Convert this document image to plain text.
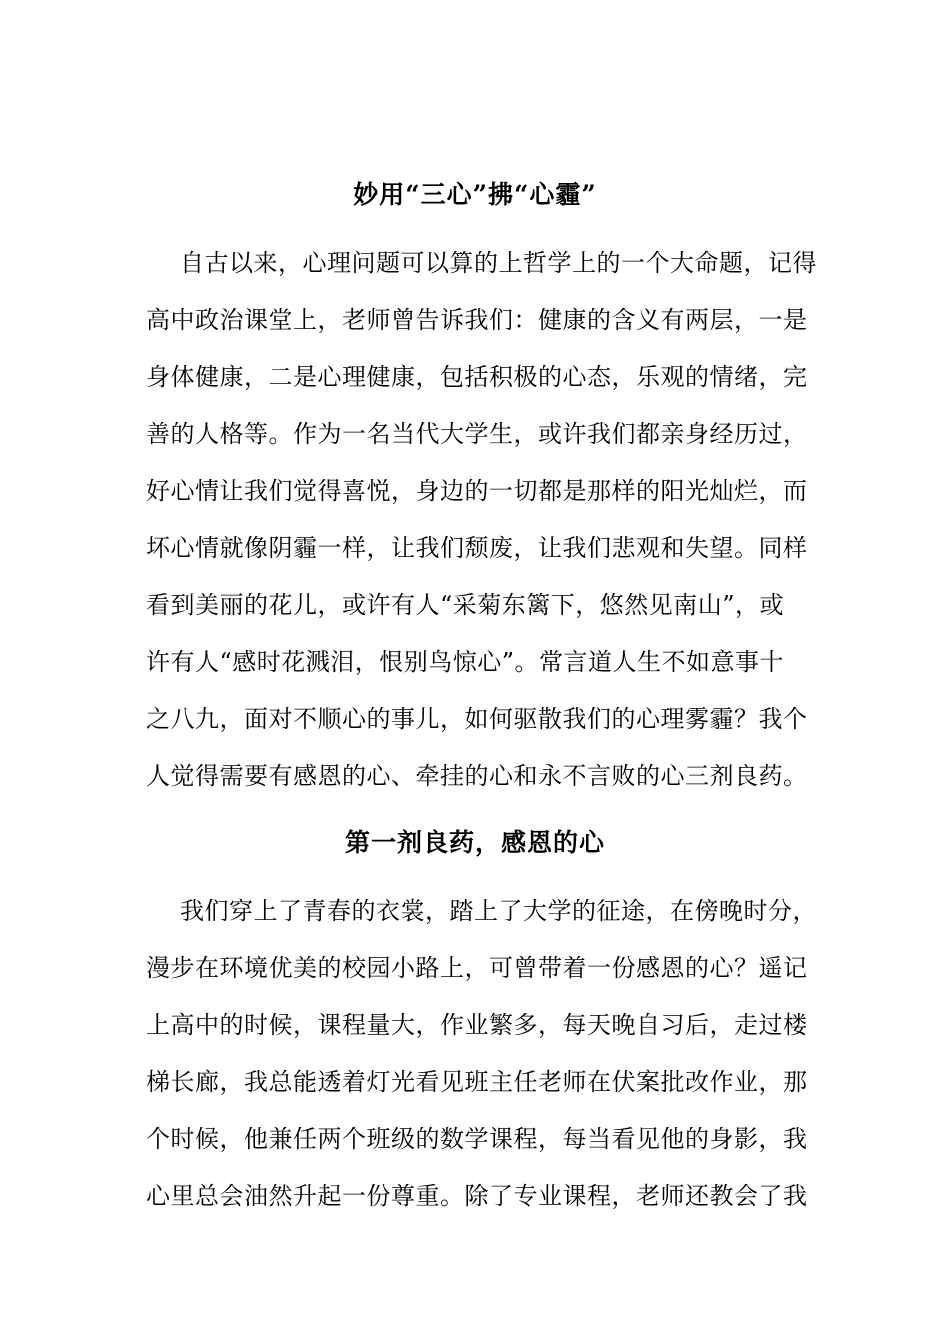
妙用“三心”拂“心霾”
自古以来，心理问题可以算的上哲学上的一个大命题，记得
高中政治课堂上，老师曾告诉我们：健康的含义有两层，一是
身体健康，二是心理健康，包括积极的心态，乐观的情绪，完
善的人格等。作为一名当代大学生，或许我们都亲身经历过，
好心情让我们觉得喜悦，身边的一切都是那样的阳光灿烂，而
坏心情就像阴霾一样，让我们颓废，让我们悲观和失望。同样
看到美丽的花儿，或许有人“采菊东篱下，悠然见南山”，或
许有人“感时花溅泪，恨别鸟惊心”。常言道人生不如意事十
之八九，面对不顺心的事儿，如何驱散我们的心理雾霾？我个
人觉得需要有感恩的心、牵挂的心和永不言败的心三剂良药。
第一剂良药，感恩的心
我们穿上了青春的衣裳，踏上了大学的征途，在傍晚时分，
漫步在环境优美的校园小路上，可曾带着一份感恩的心？遥记
上高中的时候，课程量大，作业繁多，每天晚自习后，走过楼
梯长廊，我总能透着灯光看见班主任老师在伏案批改作业，那
个时候，他兼任两个班级的数学课程，每当看见他的身影，我
心里总会油然升起一份尊重。除了专业课程，老师还教会了我
